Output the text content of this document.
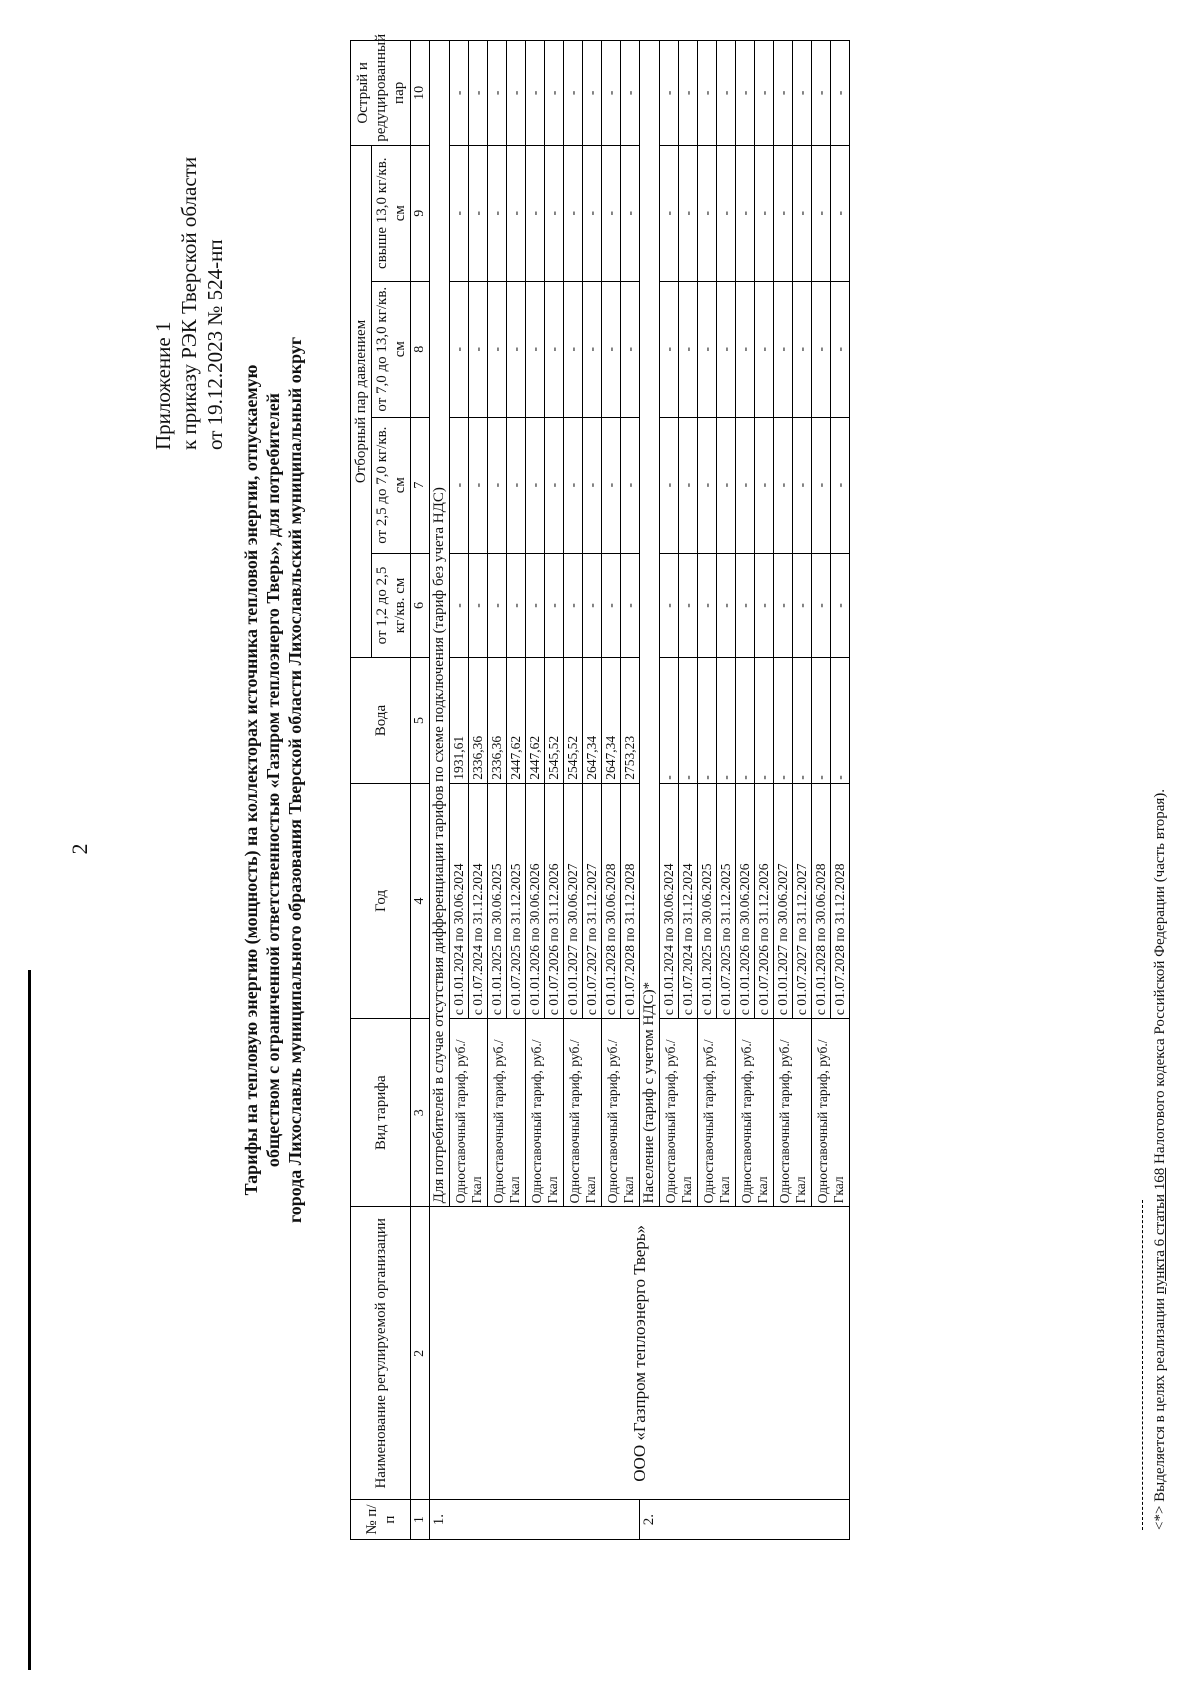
2
Приложение 1 к приказу РЭК Тверской области от 19.12.2023 № 524-нп
Тарифы на тепловую энергию (мощность) на коллекторах источника тепловой энергии, отпускаемую обществом с ограниченной ответственностью «Газпром теплоэнерго Тверь», для потребителей города Лихославль муниципального образования Тверской области Лихославльский муниципальный округ
№ п/п	Наименование регулируемой организации	Вид тарифа	Год	Вода	Отборный пар давлением				Острый и редуцированный пар
					от 1,2 до 2,5 кг/кв. см	от 2,5 до 7,0 кг/кв. см	от 7,0 до 13,0 кг/кв. см	свыше 13,0 кг/кв. см	
1	2	3	4	5	6	7	8	9	10
1.	ООО «Газпром теплоэнерго Тверь»	Для потребителей в случае отсутствия дифференциации тарифов по схеме подключения (тариф без учета НДС)							
		Одноставочный тариф, руб./Гкал	с 01.01.2024 по 30.06.2024	1931,61	-	-	-	-	-
			с 01.07.2024 по 31.12.2024	2336,36	-	-	-	-	-
		Одноставочный тариф, руб./Гкал	с 01.01.2025 по 30.06.2025	2336,36	-	-	-	-	-
			с 01.07.2025 по 31.12.2025	2447,62	-	-	-	-	-
		Одноставочный тариф, руб./Гкал	с 01.01.2026 по 30.06.2026	2447,62	-	-	-	-	-
			с 01.07.2026 по 31.12.2026	2545,52	-	-	-	-	-
		Одноставочный тариф, руб./Гкал	с 01.01.2027 по 30.06.2027	2545,52	-	-	-	-	-
			с 01.07.2027 по 31.12.2027	2647,34	-	-	-	-	-
		Одноставочный тариф, руб./Гкал	с 01.01.2028 по 30.06.2028	2647,34	-	-	-	-	-
			с 01.07.2028 по 31.12.2028	2753,23	-	-	-	-	-
2.		Население (тариф с учетом НДС)*							
		Одноставочный тариф, руб./Гкал	с 01.01.2024 по 30.06.2024	-	-	-	-	-	-
			с 01.07.2024 по 31.12.2024	-	-	-	-	-	-
		Одноставочный тариф, руб./Гкал	с 01.01.2025 по 30.06.2025	-	-	-	-	-	-
			с 01.07.2025 по 31.12.2025	-	-	-	-	-	-
		Одноставочный тариф, руб./Гкал	с 01.01.2026 по 30.06.2026	-	-	-	-	-	-
			с 01.07.2026 по 31.12.2026	-	-	-	-	-	-
		Одноставочный тариф, руб./Гкал	с 01.01.2027 по 30.06.2027	-	-	-	-	-	-
			с 01.07.2027 по 31.12.2027	-	-	-	-	-	-
		Одноставочный тариф, руб./Гкал	с 01.01.2028 по 30.06.2028	-	-	-	-	-	-
			с 01.07.2028 по 31.12.2028	-	-	-	-	-	-
<*> Выделяется в целях реализации пункта 6 статьи 168 Налогового кодекса Российской Федерации (часть вторая).
